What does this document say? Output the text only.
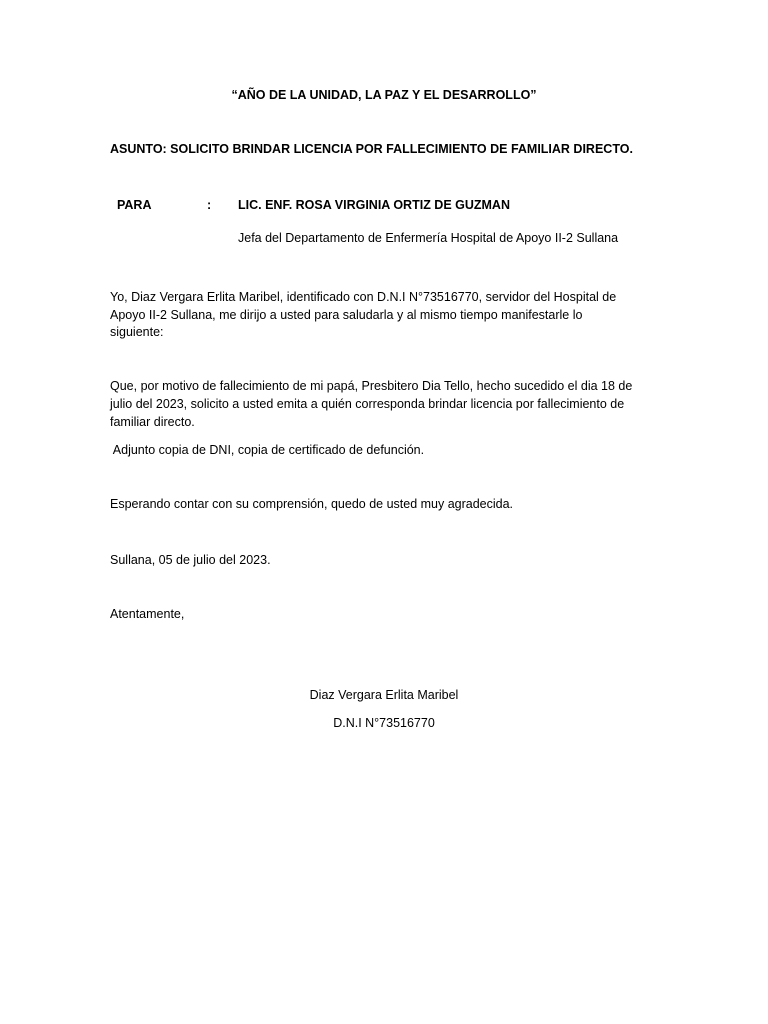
“AÑO DE LA UNIDAD, LA PAZ Y EL DESARROLLO”
ASUNTO: SOLICITO BRINDAR LICENCIA POR FALLECIMIENTO DE FAMILIAR DIRECTO.
PARA	: LIC. ENF. ROSA VIRGINIA ORTIZ DE GUZMAN
Jefa del Departamento de Enfermería Hospital de Apoyo II-2 Sullana
Yo, Diaz Vergara Erlita Maribel, identificado con D.N.I N°73516770, servidor del Hospital de
Apoyo II-2 Sullana, me dirijo a usted para saludarla y al mismo tiempo manifestarle lo
siguiente:
Que, por motivo de fallecimiento de mi papá, Presbitero Dia Tello, hecho sucedido el dia 18 de
julio del 2023, solicito a usted emita a quién corresponda brindar licencia por fallecimiento de
familiar directo.
Adjunto copia de DNI, copia de certificado de defunción.
Esperando contar con su comprensión, quedo de usted muy agradecida.
Sullana, 05 de julio del 2023.
Atentamente,
Diaz Vergara Erlita Maribel
D.N.I N°73516770
